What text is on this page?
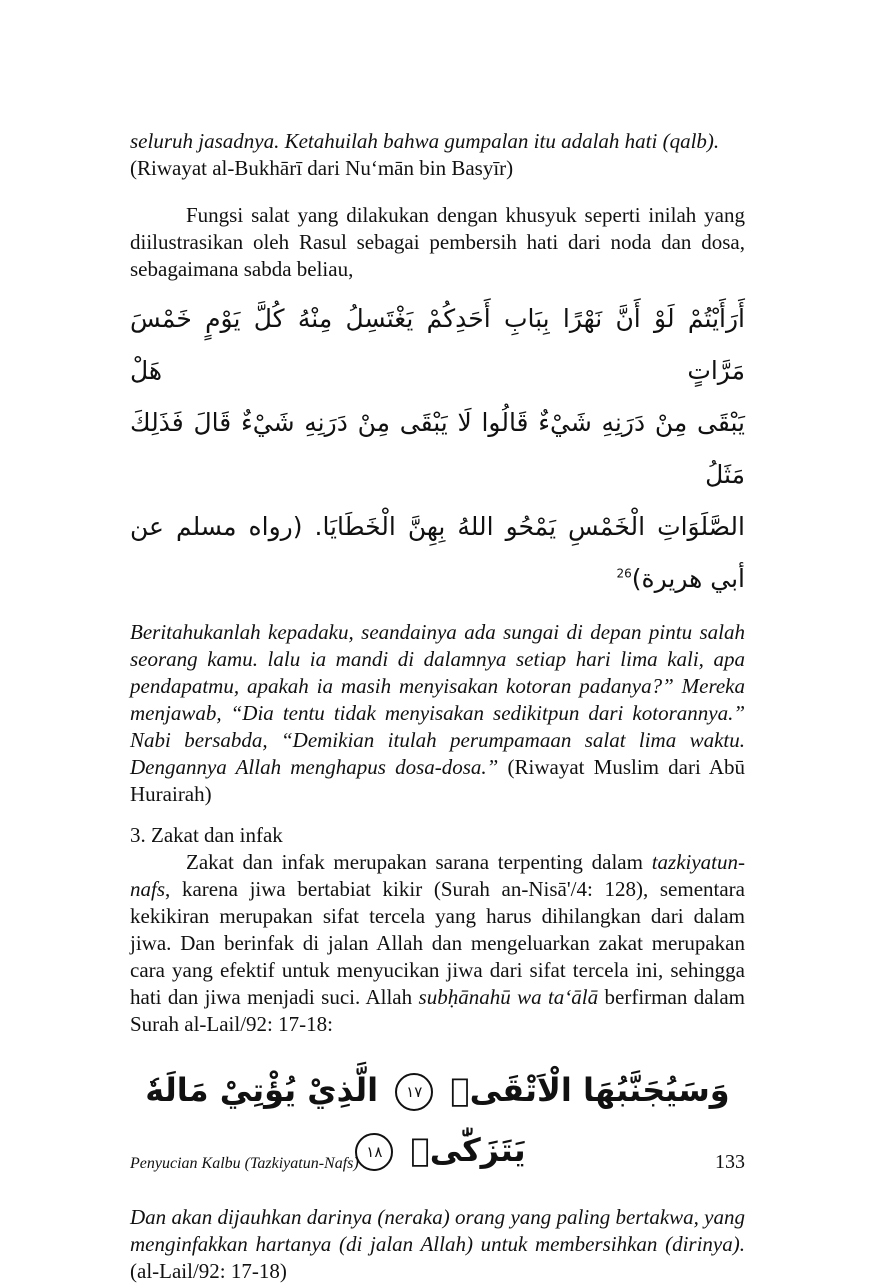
seluruh jasadnya. Ketahuilah bahwa gumpalan itu adalah hati (qalb).
(Riwayat al-Bukhārī dari Nu‘mān bin Basyīr)

Fungsi salat yang dilakukan dengan khusyuk seperti inilah yang diilustrasikan oleh Rasul sebagai pembersih hati dari noda dan dosa, sebagaimana sabda beliau,

أَرَأَيْتُمْ لَوْ أَنَّ نَهْرًا بِبَابِ أَحَدِكُمْ يَغْتَسِلُ مِنْهُ كُلَّ يَوْمٍ خَمْسَ مَرَّاتٍ هَلْ

يَبْقَى مِنْ دَرَنِهِ شَيْءٌ قَالُوا لَا يَبْقَى مِنْ دَرَنِهِ شَيْءٌ قَالَ فَذَلِكَ مَثَلُ

الصَّلَوَاتِ الْخَمْسِ يَمْحُو اللهُ بِهِنَّ الْخَطَايَا. (رواه مسلم عن أبي هريرة)$^{26}$

Beritahukanlah kepadaku, seandainya ada sungai di depan pintu salah seorang kamu. lalu ia mandi di dalamnya setiap hari lima kali, apa pendapatmu, apakah ia masih menyisakan kotoran padanya?” Mereka menjawab, “Dia tentu tidak menyisakan sedikitpun dari kotorannya.” Nabi bersabda, “Demikian itulah perumpamaan salat lima waktu. Dengannya Allah menghapus dosa-dosa.” (Riwayat Muslim dari Abū Hurairah)

3. Zakat dan infak

Zakat dan infak merupakan sarana terpenting dalam tazkiyatun-nafs, karena jiwa bertabiat kikir (Surah an-Nisā'/4: 128), sementara kekikiran merupakan sifat tercela yang harus dihilangkan dari dalam jiwa. Dan berinfak di jalan Allah dan mengeluarkan zakat merupakan cara yang efektif untuk menyucikan jiwa dari sifat tercela ini, sehingga hati dan jiwa menjadi suci. Allah subḥānahū wa ta‘ālā berfirman dalam Surah al-Lail/92: 17-18:

وَسَيُجَنَّبُهَا الْاَتْقَىۙ ١٧ الَّذِيْ يُؤْتِيْ مَالَهٗ يَتَزَكّٰىۚ ١٨

Dan akan dijauhkan darinya (neraka) orang yang paling bertakwa, yang menginfakkan hartanya (di jalan Allah) untuk membersihkan (dirinya). (al-Lail/92: 17-18)

Penyucian Kalbu (Tazkiyatun-Nafs)	133
